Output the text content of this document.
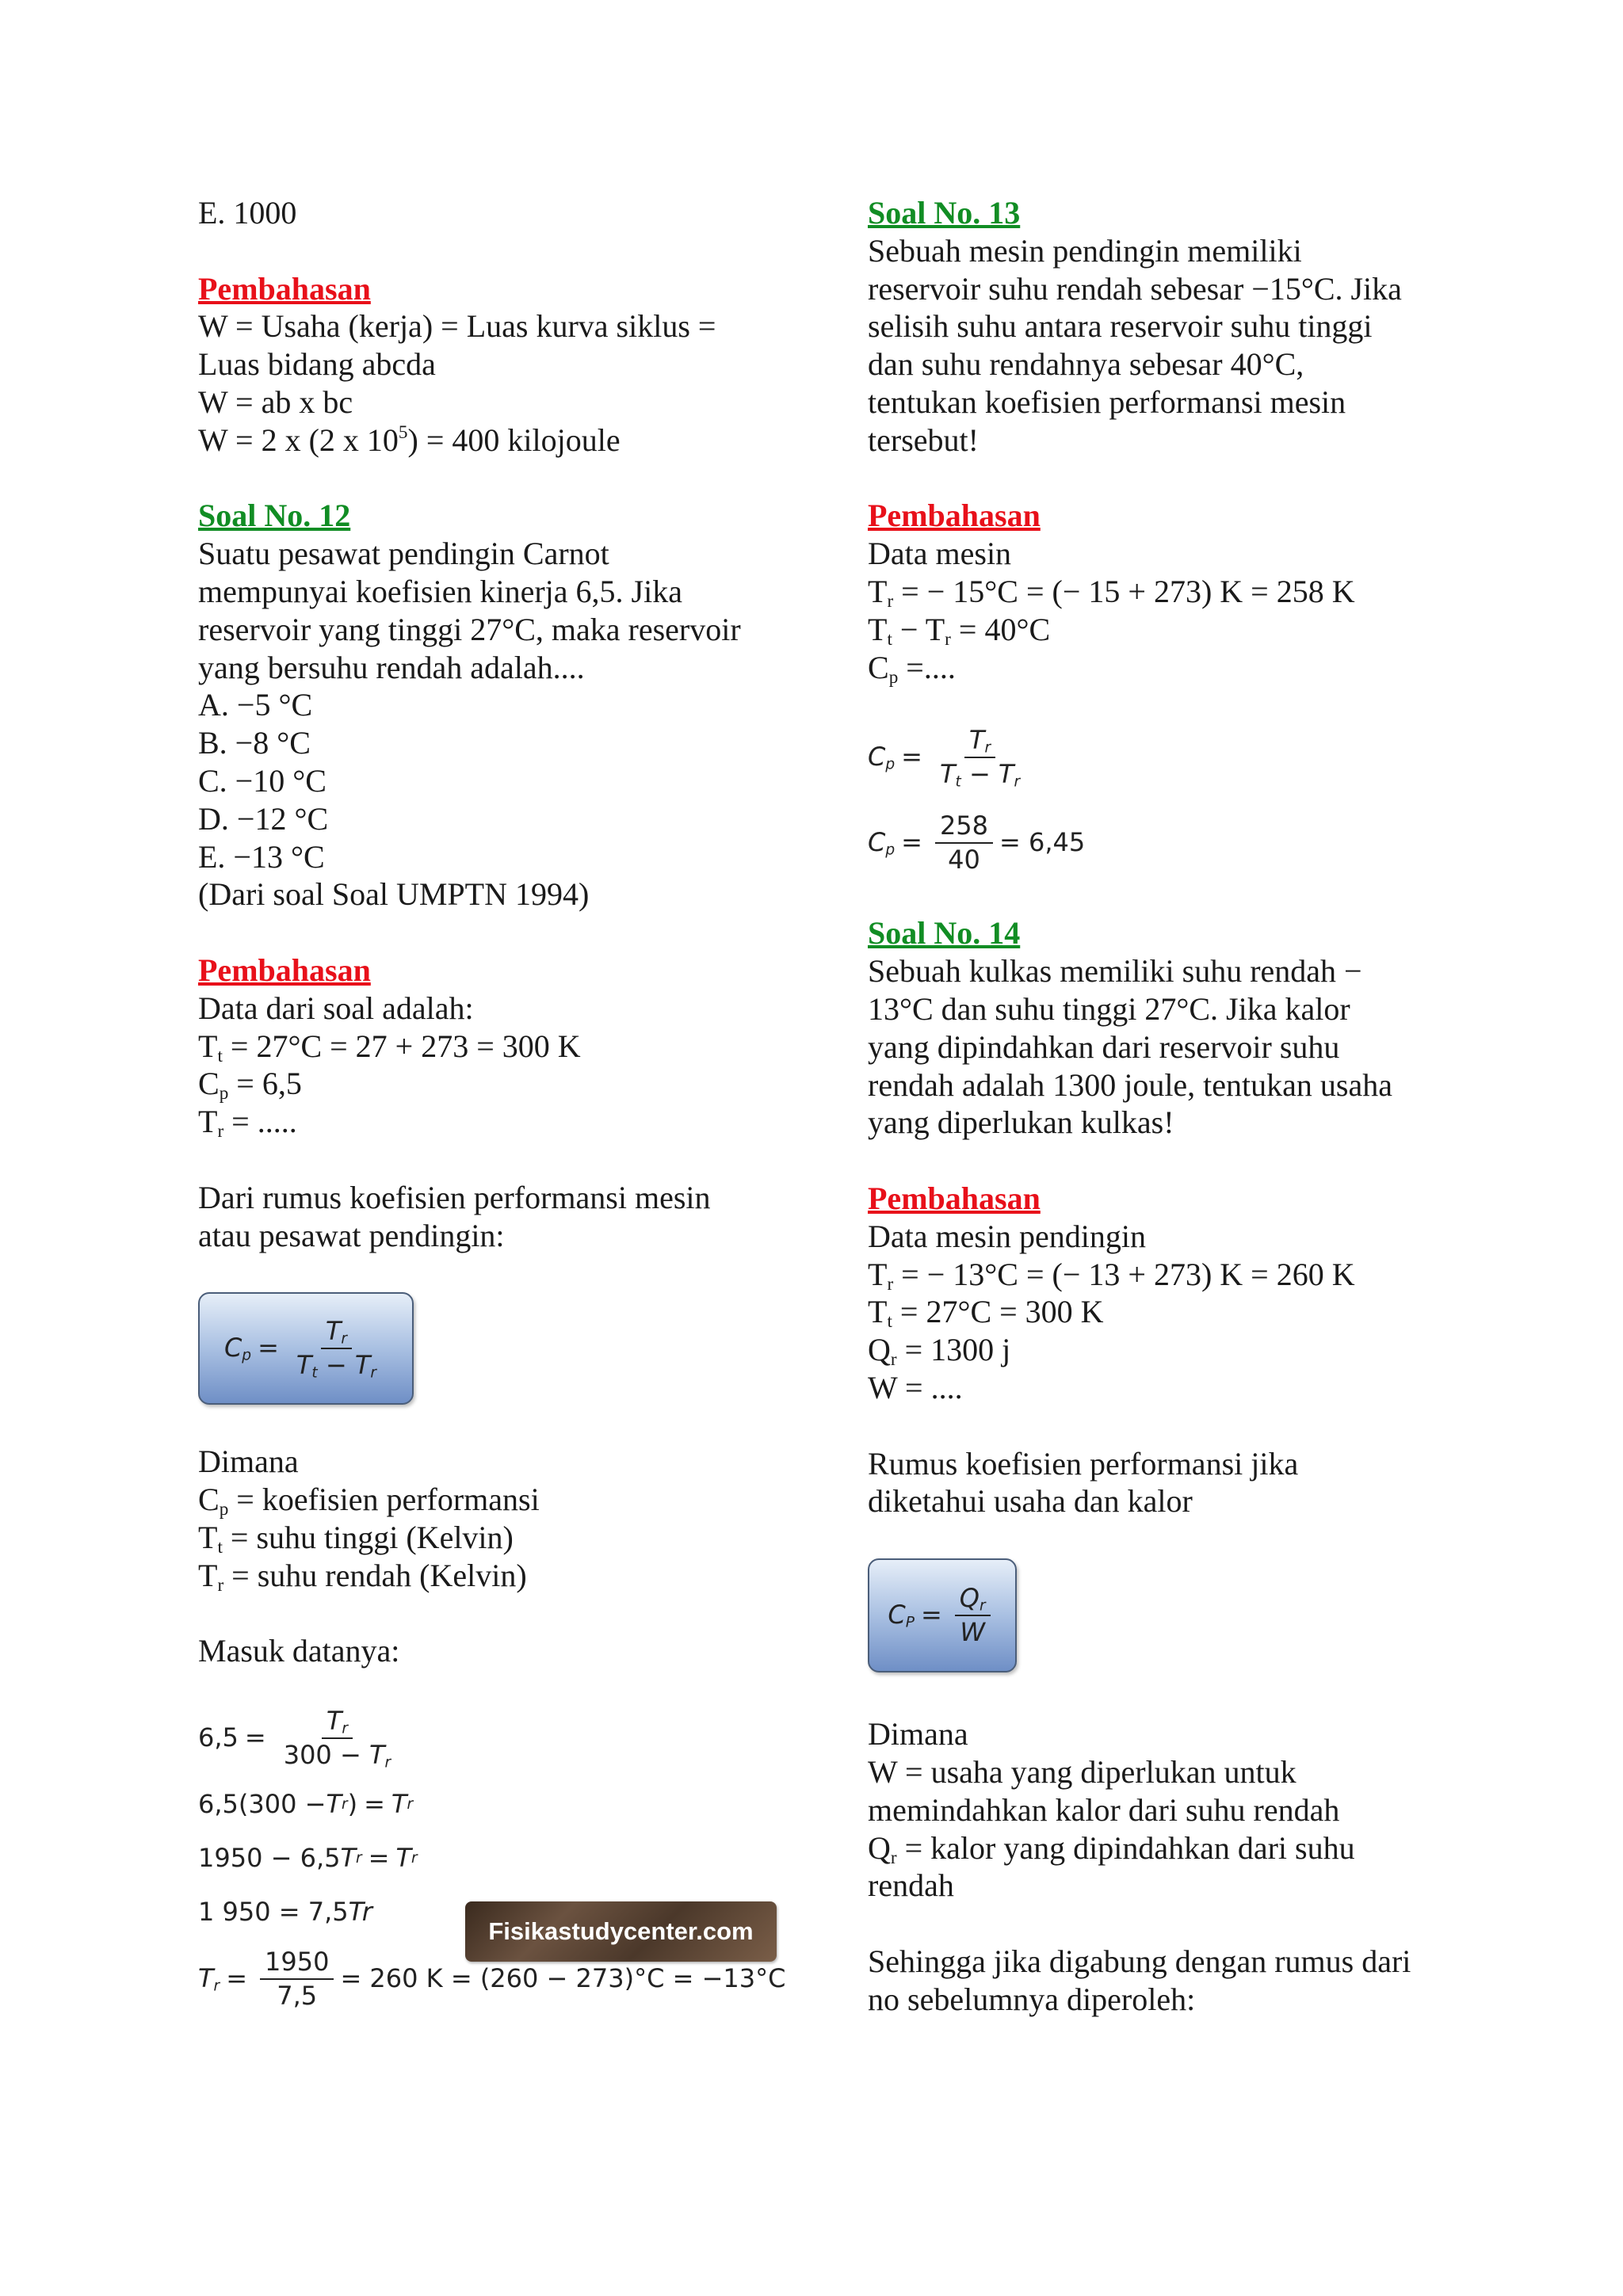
E. 1000
Pembahasan
W = Usaha (kerja) = Luas kurva siklus =
Luas bidang abcda
W = ab x bc
W = 2 x (2 x $10^5) = 400$ kilojoule
Soal No. 12
Suatu pesawat pendingin Carnot
mempunyai koefisien kinerja 6,5. Jika
reservoir yang tinggi 27°C, maka reservoir
yang bersuhu rendah adalah....
A. −5 °C
B. −8 °C
C. −10 °C
D. −12 °C
E. −13 °C
(Dari soal Soal UMPTN 1994)
Pembahasan
Data dari soal adalah:
$T_t = 27^\circ C = 27 + 273 = 300$ K
$C_p = 6,5$
$T_r$ = .....
Dari rumus koefisien performansi mesin
atau pesawat pendingin:
$C_p = \frac{T_r}{T_t - T_r}$
Dimana
$C_p$ = koefisien performansi
$T_t$ = suhu tinggi (Kelvin)
$T_r$ = suhu rendah (Kelvin)
Masuk datanya:
$6,5 = \frac{T_r}{300 - T_r}$
6,5(300 − T r ) = T r
1950 − 6,5 T r = T r
1 950 = 7,5 Tr
$T_r = \frac{1950}{7,5} = 260$ K = (260 − 273)°C = −13°C
Fisikastudycenter.com
Soal No. 13
Sebuah mesin pendingin memiliki
reservoir suhu rendah sebesar −15°C. Jika
selisih suhu antara reservoir suhu tinggi
dan suhu rendahnya sebesar 40°C,
tentukan koefisien performansi mesin
tersebut!
Pembahasan
Data mesin
$T_r$ = − 15°C = (− 15 + 273) K = 258 K
$T_t - T_r = 40^\circ C$
$C_p$ =....
$C_p = \frac{T_r}{T_t - T_r}$
$C_p = \frac{258}{40} = 6,45$
Soal No. 14
Sebuah kulkas memiliki suhu rendah −
13°C dan suhu tinggi 27°C. Jika kalor
yang dipindahkan dari reservoir suhu
rendah adalah 1300 joule, tentukan usaha
yang diperlukan kulkas!
Pembahasan
Data mesin pendingin
$T_r$ = − 13°C = (− 13 + 273) K = 260 K
$T_t = 27^\circ C = 300$ K
$Q_r = 1300$ j
W = ....
Rumus koefisien performansi jika
diketahui usaha dan kalor
$C_P = \frac{Q_r}{W}$
Dimana
W = usaha yang diperlukan untuk
memindahkan kalor dari suhu rendah
$Q_r$ = kalor yang dipindahkan dari suhu
rendah
Sehingga jika digabung dengan rumus dari
no sebelumnya diperoleh:
